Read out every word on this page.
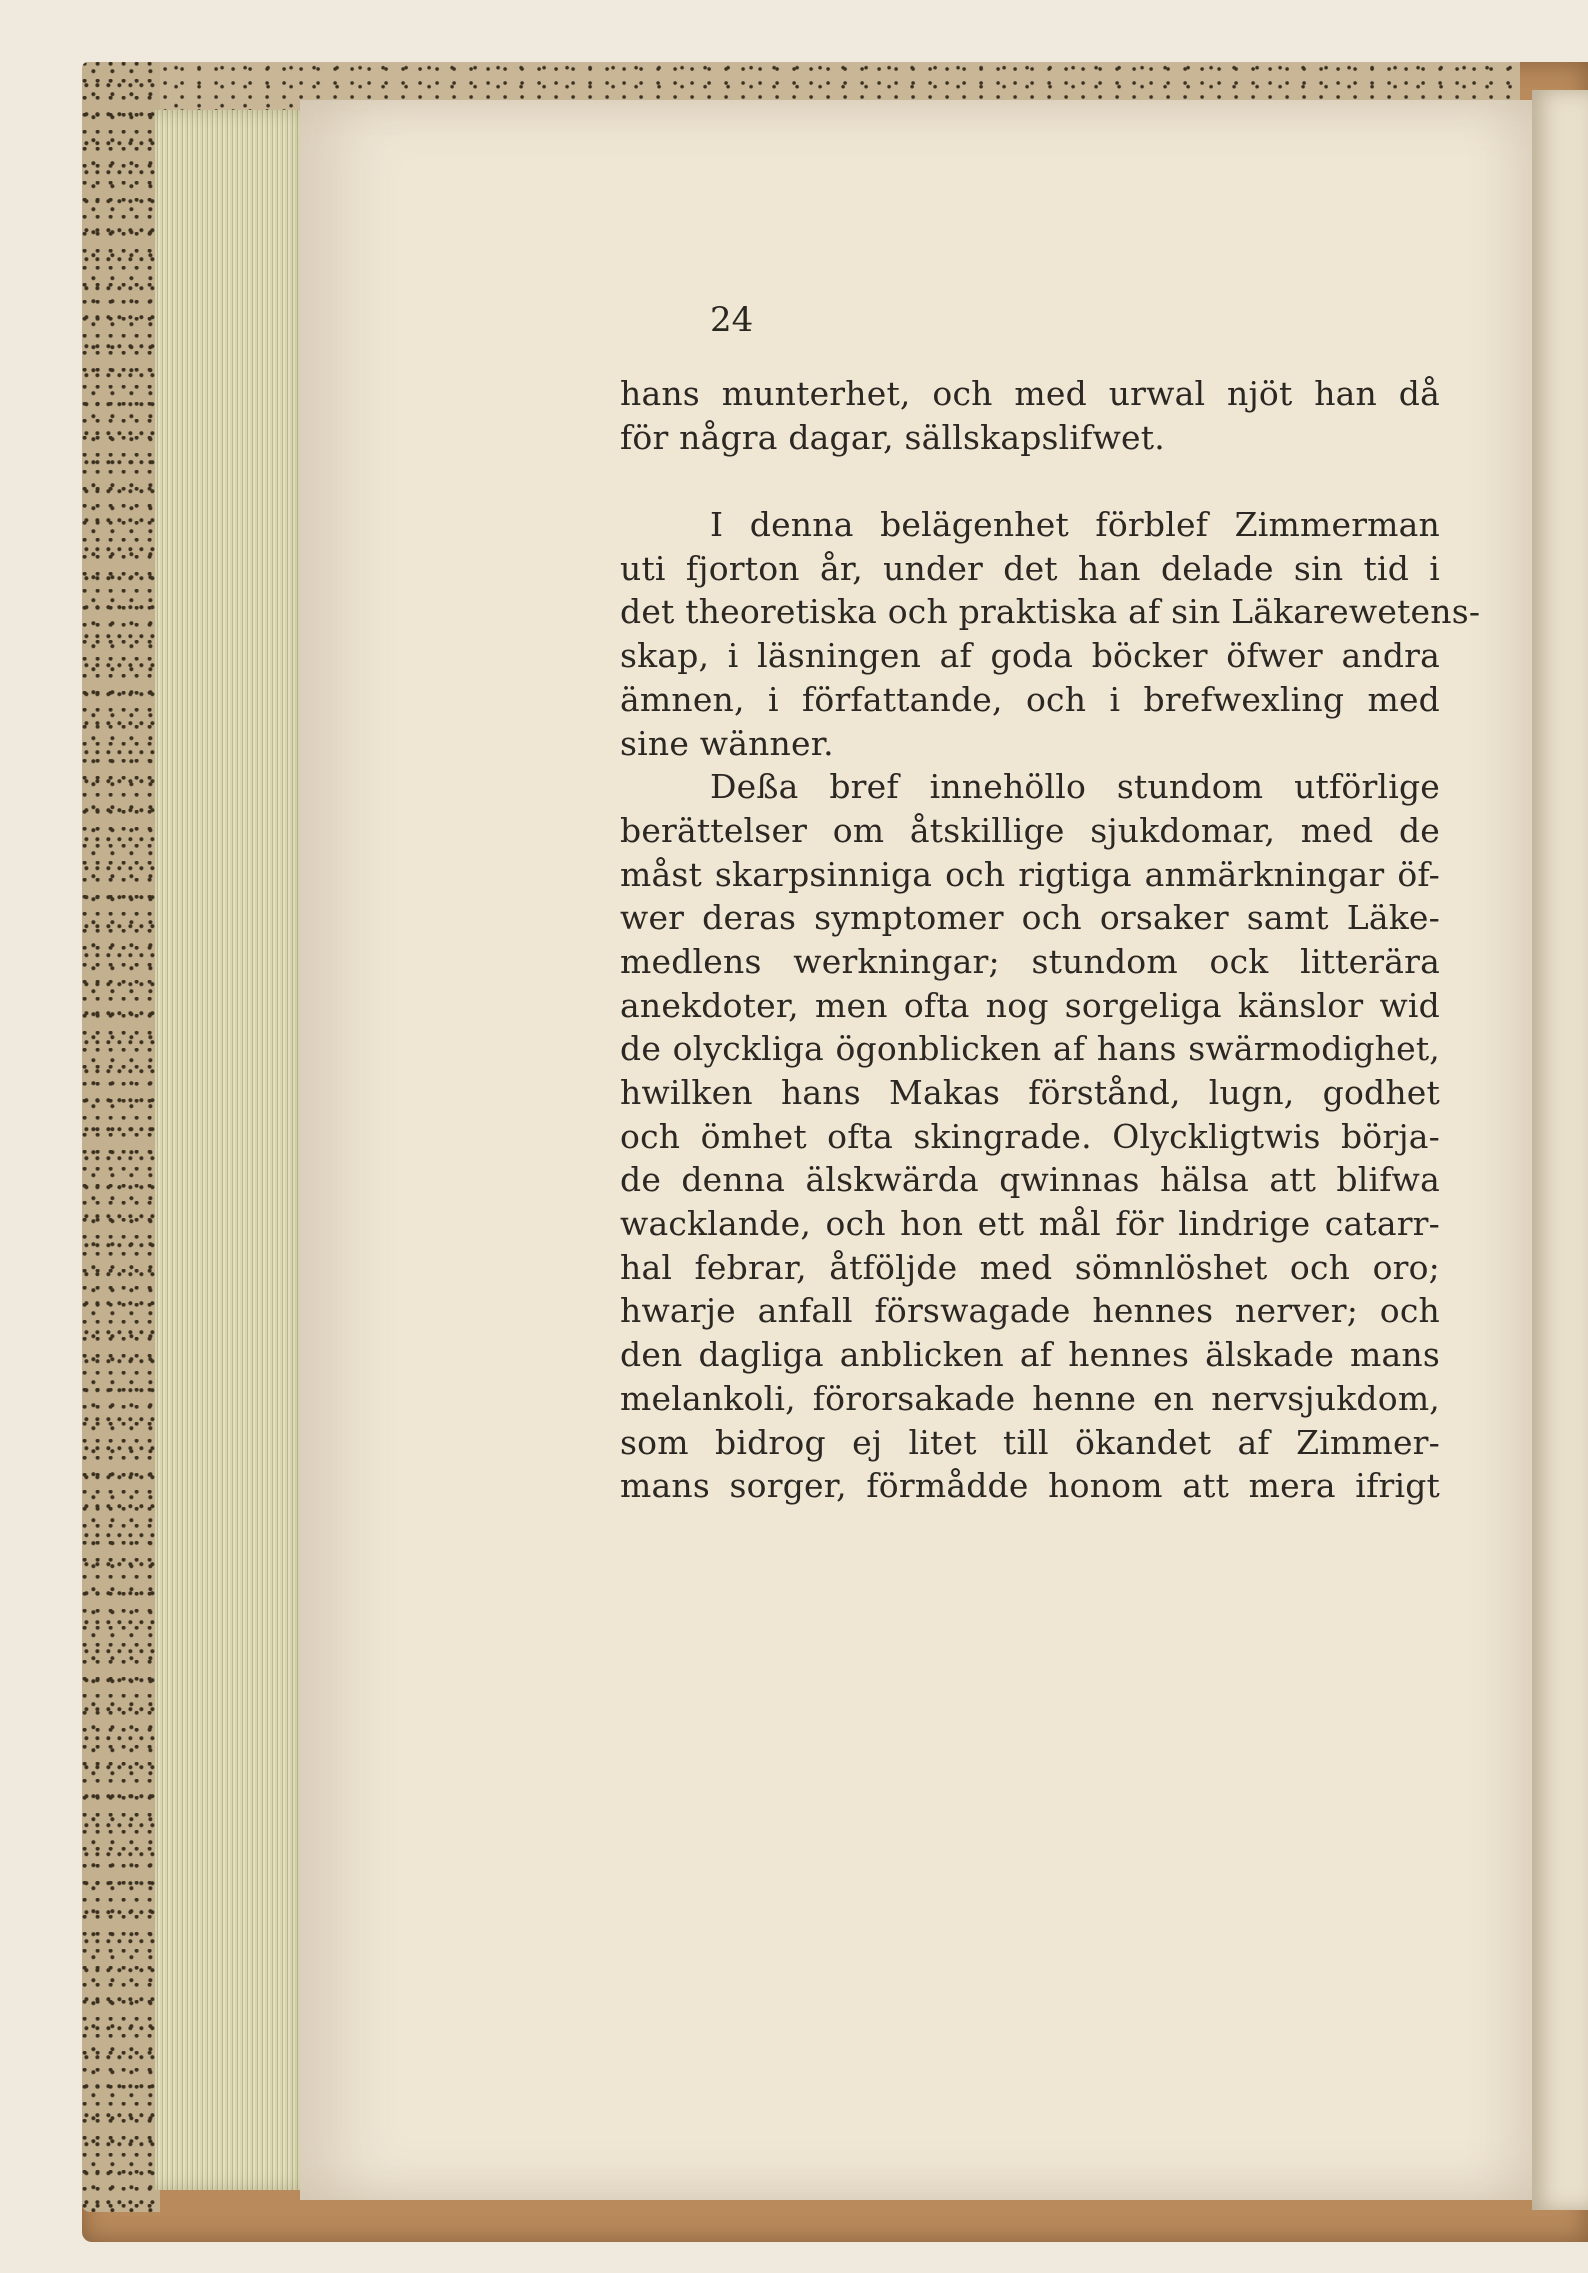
24
hans munterhet, och med urwal njöt han då
för några dagar, sällskapslifwet.
I denna belägenhet förblef Zimmerman
uti fjorton år, under det han delade sin tid i
det theoretiska och praktiska af sin Läkarewetens-
skap, i läsningen af goda böcker öfwer andra
ämnen, i författande, och i brefwexling med
sine wänner.
Deßa bref innehöllo stundom utförlige
berättelser om åtskillige sjukdomar, med de
måst skarpsinniga och rigtiga anmärkningar öf-
wer deras symptomer och orsaker samt Läke-
medlens werkningar; stundom ock litterära
anekdoter, men ofta nog sorgeliga känslor wid
de olyckliga ögonblicken af hans swärmodighet,
hwilken hans Makas förstånd, lugn, godhet
och ömhet ofta skingrade. Olyckligtwis börja-
de denna älskwärda qwinnas hälsa att blifwa
wacklande, och hon ett mål för lindrige catarr-
hal febrar, åtföljde med sömnlöshet och oro;
hwarje anfall förswagade hennes nerver; och
den dagliga anblicken af hennes älskade mans
melankoli, förorsakade henne en nervsjukdom,
som bidrog ej litet till ökandet af Zimmer-
mans sorger, förmådde honom att mera ifrigt
